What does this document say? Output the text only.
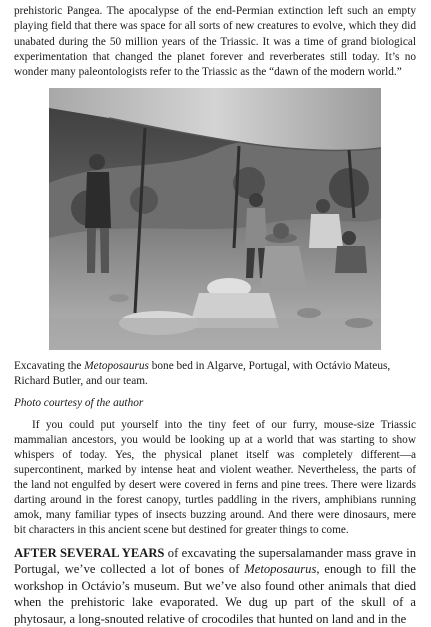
prehistoric Pangea. The apocalypse of the end-Permian extinction left such an empty playing field that there was space for all sorts of new creatures to evolve, which they did unabated during the 50 million years of the Triassic. It was a time of grand biological experimentation that changed the planet forever and reverberates still today. It’s no wonder many paleontologists refer to the Triassic as the “dawn of the modern world.”

Excavating the Metoposaurus bone bed in Algarve, Portugal, with Octávio Mateus, Richard Butler, and our team.

Photo courtesy of the author

If you could put yourself into the tiny feet of our furry, mouse-size Triassic mammalian ancestors, you would be looking up at a world that was starting to show whispers of today. Yes, the physical planet itself was completely different—a supercontinent, marked by intense heat and violent weather. Nevertheless, the parts of the land not engulfed by desert were covered in ferns and pine trees. There were lizards darting around in the forest canopy, turtles paddling in the rivers, amphibians running amok, many familiar types of insects buzzing around. And there were dinosaurs, mere bit characters in this ancient scene but destined for greater things to come.

AFTER SEVERAL YEARS of excavating the supersalamander mass grave in Portugal, we’ve collected a lot of bones of Metoposaurus, enough to fill the workshop in Octávio’s museum. But we’ve also found other animals that died when the prehistoric lake evaporated. We dug up part of the skull of a phytosaur, a long-snouted relative of crocodiles that hunted on land and in the
